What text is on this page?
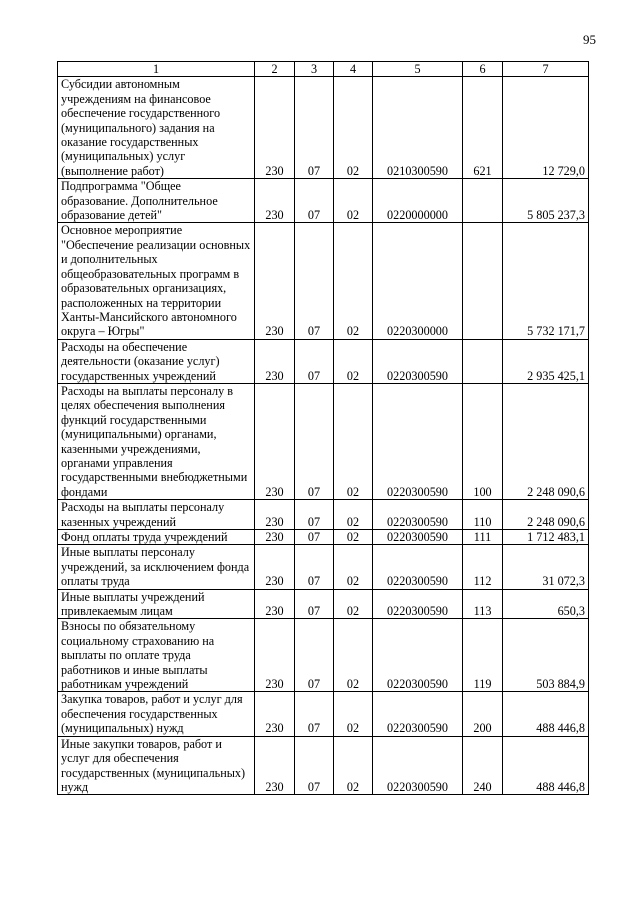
95
1	2	3	4	5	6	7
Субсидии автономным учреждениям на финансовое обеспечение государственного (муниципального) задания на оказание государственных (муниципальных) услуг (выполнение работ)	230	07	02	0210300590	621	12 729,0
Подпрограмма "Общее образование. Дополнительное образование детей"	230	07	02	0220000000		5 805 237,3
Основное мероприятие "Обеспечение реализации основных и дополнительных общеобразовательных программ в образовательных организациях, расположенных на территории Ханты-Мансийского автономного округа – Югры"	230	07	02	0220300000		5 732 171,7
Расходы на обеспечение деятельности (оказание услуг) государственных учреждений	230	07	02	0220300590		2 935 425,1
Расходы на выплаты персоналу в целях обеспечения выполнения функций государственными (муниципальными) органами, казенными учреждениями, органами управления государственными внебюджетными фондами	230	07	02	0220300590	100	2 248 090,6
Расходы на выплаты персоналу казенных учреждений	230	07	02	0220300590	110	2 248 090,6
Фонд оплаты труда учреждений	230	07	02	0220300590	111	1 712 483,1
Иные выплаты персоналу учреждений, за исключением фонда оплаты труда	230	07	02	0220300590	112	31 072,3
Иные выплаты учреждений привлекаемым лицам	230	07	02	0220300590	113	650,3
Взносы по обязательному социальному страхованию на выплаты по оплате труда работников и иные выплаты работникам учреждений	230	07	02	0220300590	119	503 884,9
Закупка товаров, работ и услуг для обеспечения государственных (муниципальных) нужд	230	07	02	0220300590	200	488 446,8
Иные закупки товаров, работ и услуг для обеспечения государственных (муниципальных) нужд	230	07	02	0220300590	240	488 446,8
